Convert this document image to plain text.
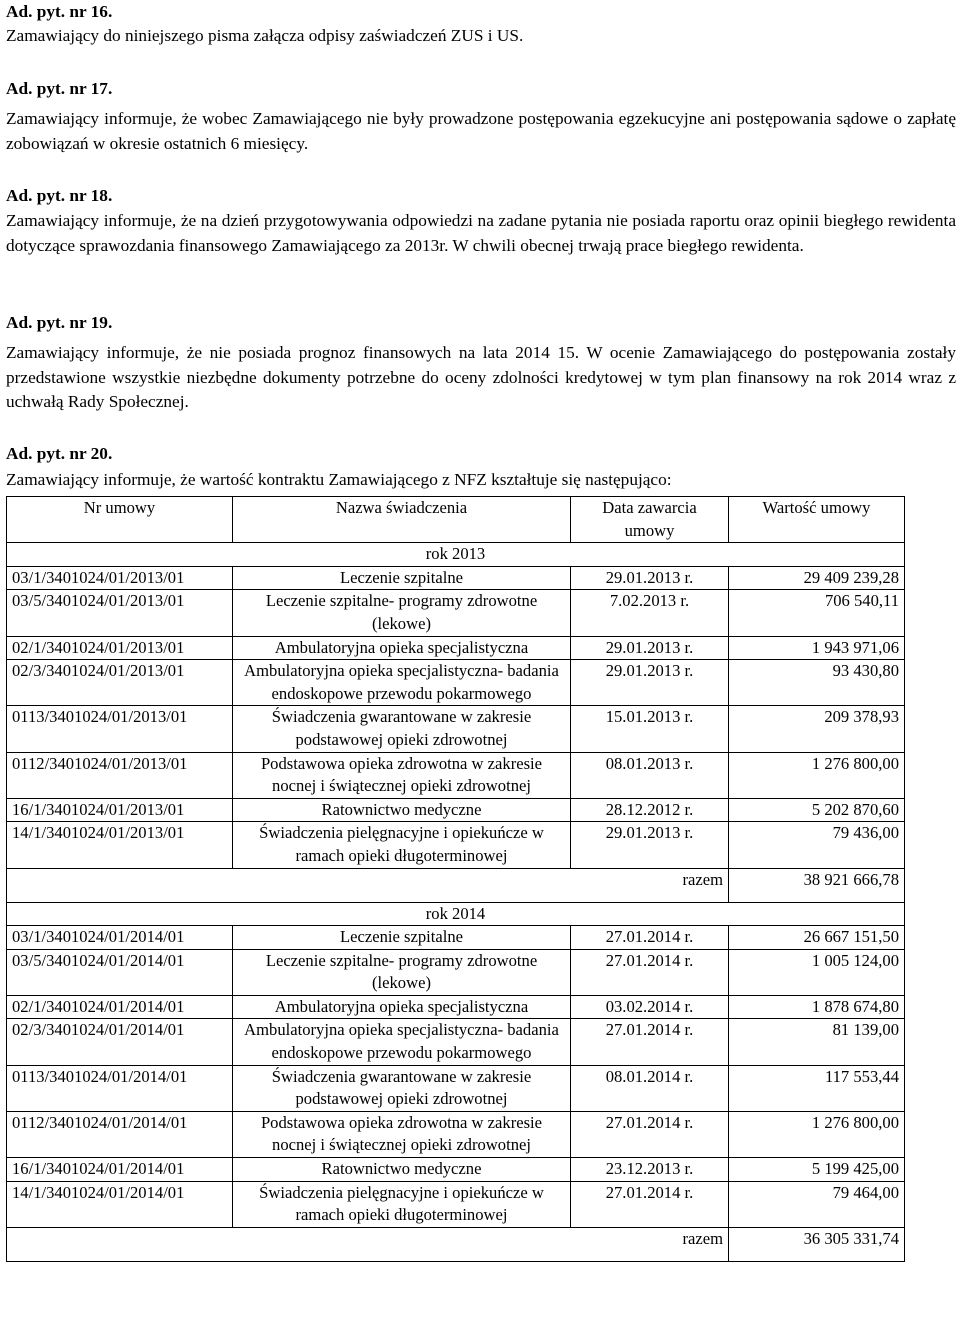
Ad. pyt. nr 16.

Zamawiający do niniejszego pisma załącza odpisy zaświadczeń ZUS i US.

Ad. pyt. nr 17.

Zamawiający informuje, że wobec Zamawiającego nie były prowadzone postępowania egzekucyjne ani postępowania sądowe o zapłatę zobowiązań w okresie ostatnich 6 miesięcy.

Ad. pyt. nr 18.

Zamawiający informuje, że na dzień przygotowywania odpowiedzi na zadane pytania nie posiada raportu oraz opinii biegłego rewidenta dotyczące sprawozdania finansowego Zamawiającego za 2013r. W chwili obecnej trwają prace biegłego rewidenta.

Ad. pyt. nr 19.

Zamawiający informuje, że nie posiada prognoz finansowych na lata 2014 15. W ocenie Zamawiającego do postępowania zostały przedstawione wszystkie niezbędne dokumenty potrzebne do oceny zdolności kredytowej w tym plan finansowy na rok 2014 wraz z uchwałą Rady Społecznej.

Ad. pyt. nr 20.

Zamawiający informuje, że wartość kontraktu Zamawiającego z NFZ kształtuje się następująco:

Nr umowy	Nazwa świadczenia	Data zawarcia umowy	Wartość umowy
rok 2013			
03/1/3401024/01/2013/01	Leczenie szpitalne	29.01.2013 r.	29 409 239,28
03/5/3401024/01/2013/01	Leczenie szpitalne- programy zdrowotne (lekowe)	7.02.2013 r.	706 540,11
02/1/3401024/01/2013/01	Ambulatoryjna opieka specjalistyczna	29.01.2013 r.	1 943 971,06
02/3/3401024/01/2013/01	Ambulatoryjna opieka specjalistyczna- badania endoskopowe przewodu pokarmowego	29.01.2013 r.	93 430,80
0113/3401024/01/2013/01	Świadczenia gwarantowane w zakresie podstawowej opieki zdrowotnej	15.01.2013 r.	209 378,93
0112/3401024/01/2013/01	Podstawowa opieka zdrowotna w zakresie nocnej i świątecznej opieki zdrowotnej	08.01.2013 r.	1 276 800,00
16/1/3401024/01/2013/01	Ratownictwo medyczne	28.12.2012 r.	5 202 870,60
14/1/3401024/01/2013/01	Świadczenia pielęgnacyjne i opiekuńcze w ramach opieki długoterminowej	29.01.2013 r.	79 436,00
razem			38 921 666,78
rok 2014			
03/1/3401024/01/2014/01	Leczenie szpitalne	27.01.2014 r.	26 667 151,50
03/5/3401024/01/2014/01	Leczenie szpitalne- programy zdrowotne (lekowe)	27.01.2014 r.	1 005 124,00
02/1/3401024/01/2014/01	Ambulatoryjna opieka specjalistyczna	03.02.2014 r.	1 878 674,80
02/3/3401024/01/2014/01	Ambulatoryjna opieka specjalistyczna- badania endoskopowe przewodu pokarmowego	27.01.2014 r.	81 139,00
0113/3401024/01/2014/01	Świadczenia gwarantowane w zakresie podstawowej opieki zdrowotnej	08.01.2014 r.	117 553,44
0112/3401024/01/2014/01	Podstawowa opieka zdrowotna w zakresie nocnej i świątecznej opieki zdrowotnej	27.01.2014 r.	1 276 800,00
16/1/3401024/01/2014/01	Ratownictwo medyczne	23.12.2013 r.	5 199 425,00
14/1/3401024/01/2014/01	Świadczenia pielęgnacyjne i opiekuńcze w ramach opieki długoterminowej	27.01.2014 r.	79 464,00
razem			36 305 331,74
